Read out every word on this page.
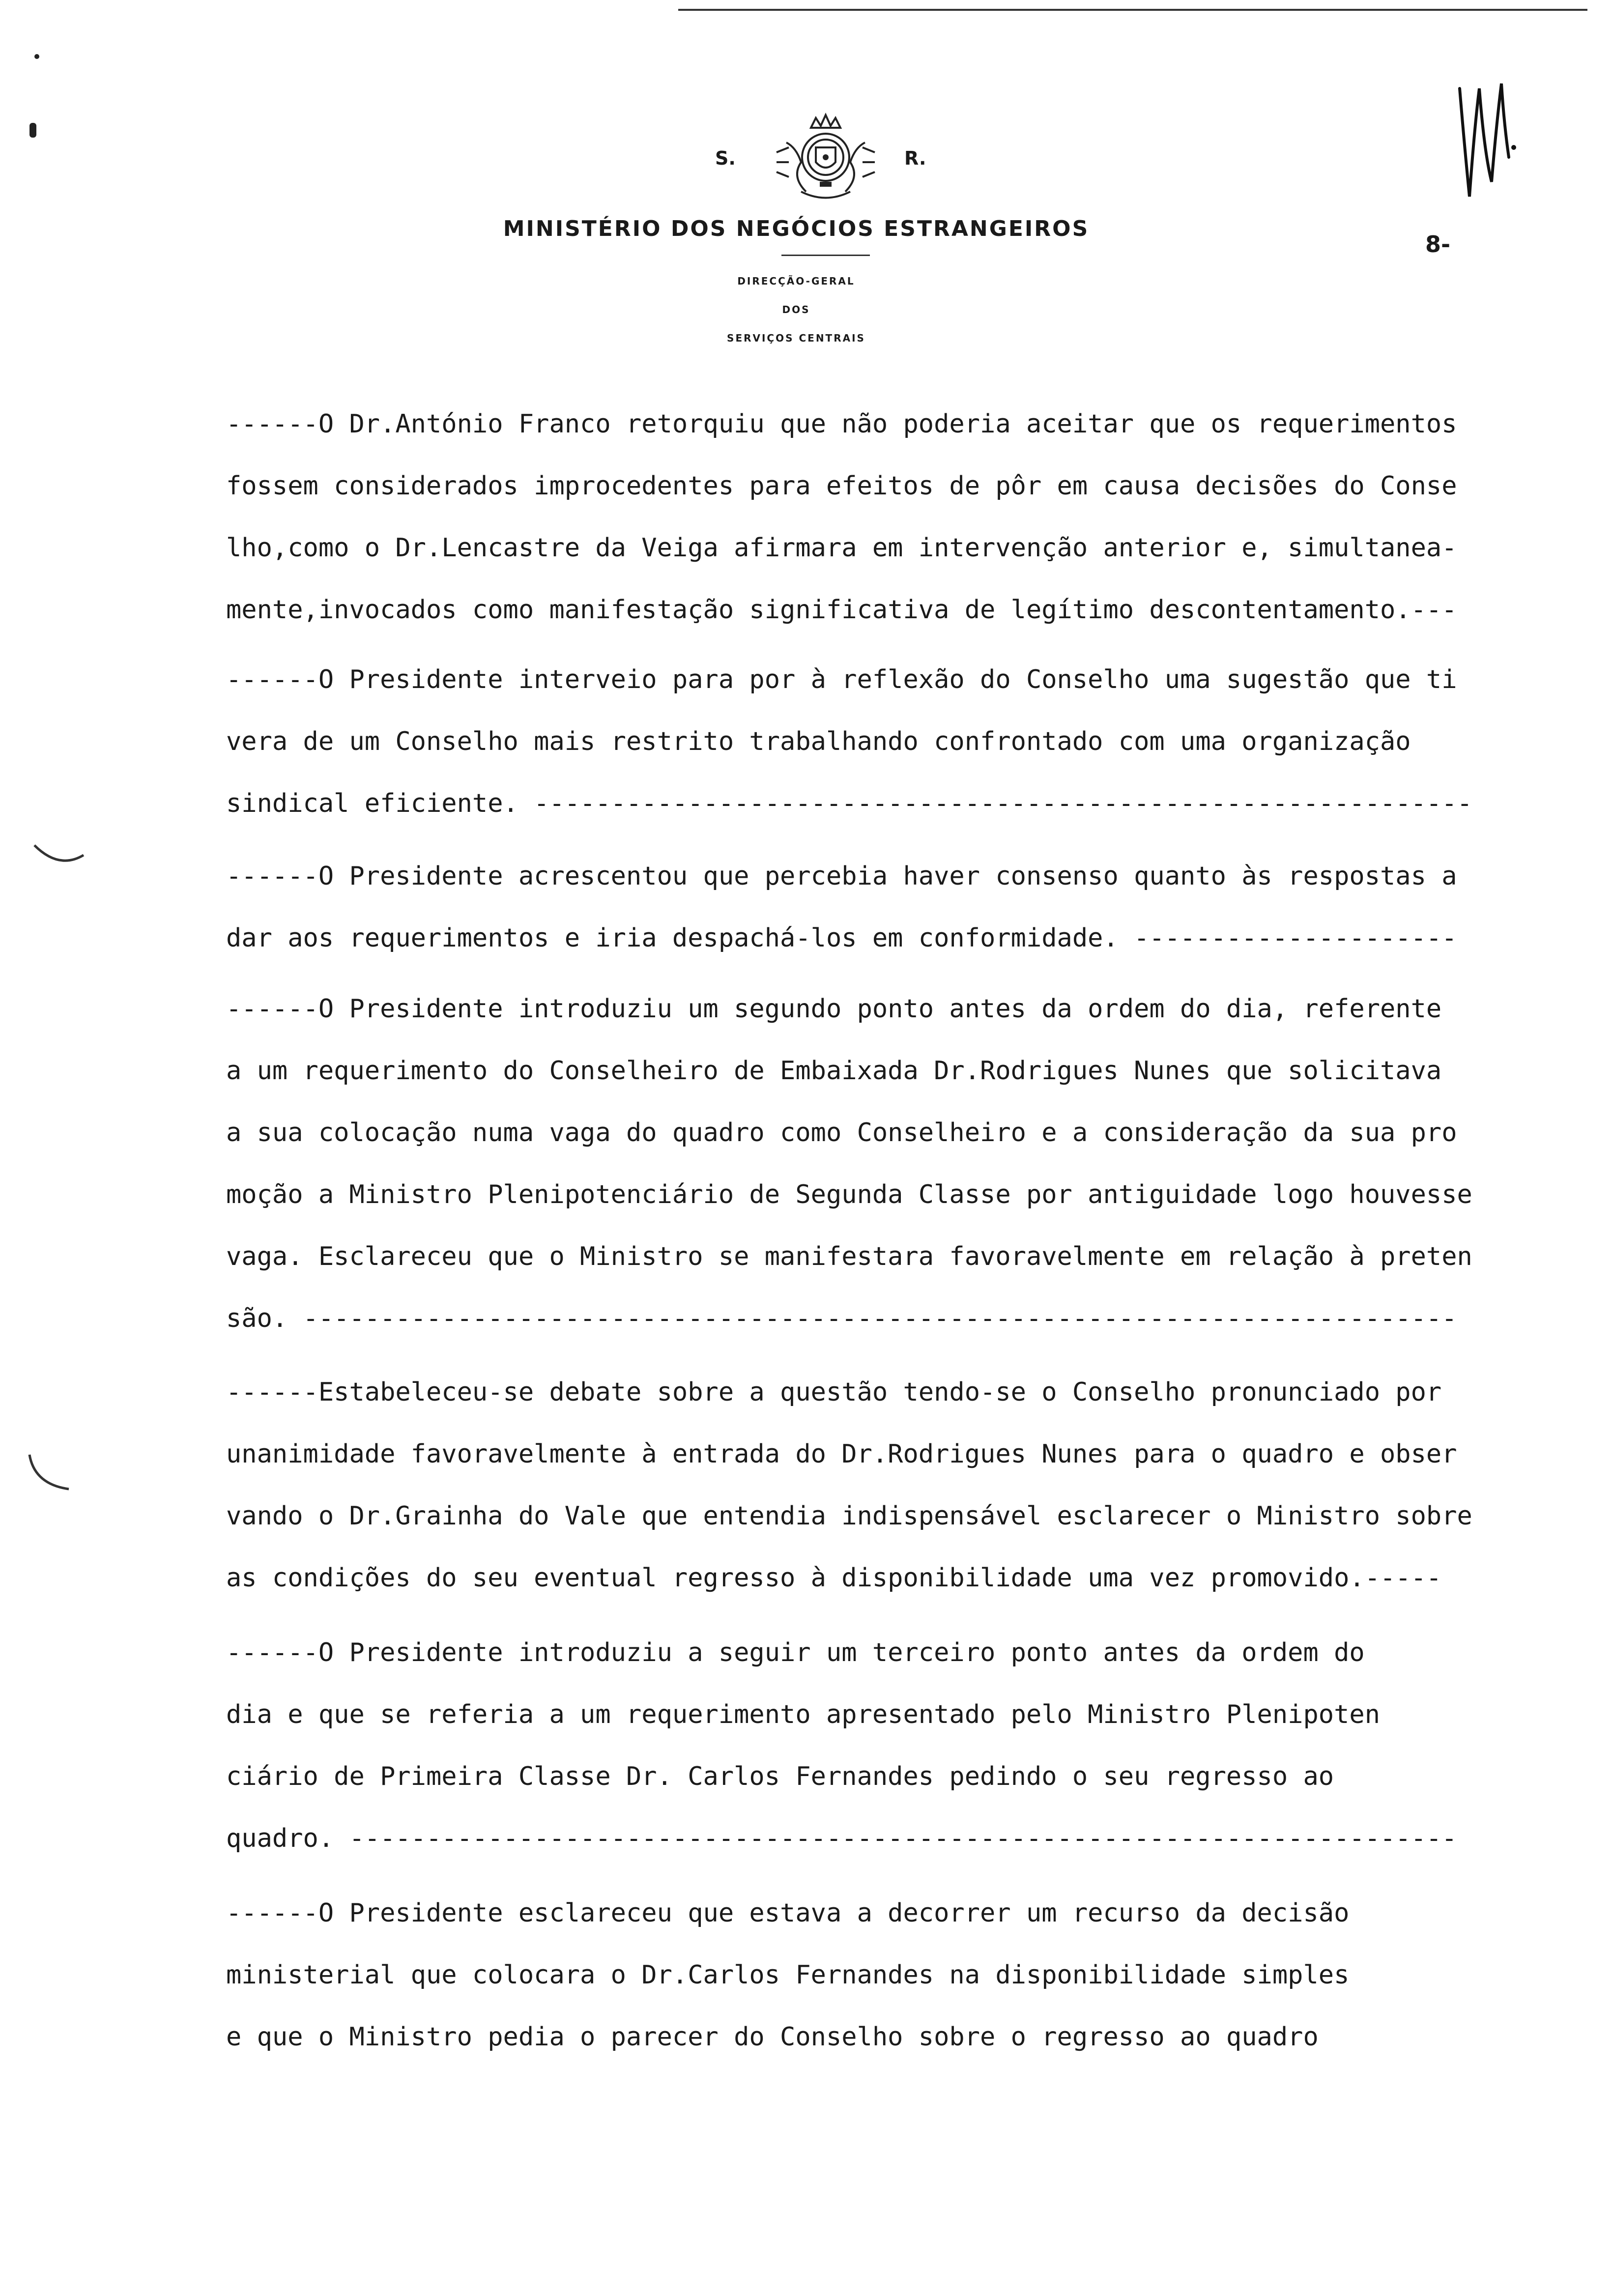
S.	R.
MINISTÉRIO DOS NEGÓCIOS ESTRANGEIROS
DIRECÇÃO-GERAL
DOS
SERVIÇOS CENTRAIS
8-
------O Dr.António Franco retorquiu que não poderia aceitar que os requerimentos
fossem considerados improcedentes para efeitos de pôr em causa decisões do Conse
lho,como o Dr.Lencastre da Veiga afirmara em intervenção anterior e, simultanea-
mente,invocados como manifestação significativa de legítimo descontentamento.---
------O Presidente interveio para por à reflexão do Conselho uma sugestão que ti
vera de um Conselho mais restrito trabalhando confrontado com uma organização
sindical eficiente. -------------------------------------------------------------
------O Presidente acrescentou que percebia haver consenso quanto às respostas a
dar aos requerimentos e iria despachá-los em conformidade. ---------------------
------O Presidente introduziu um segundo ponto antes da ordem do dia, referente
a um requerimento do Conselheiro de Embaixada Dr.Rodrigues Nunes que solicitava
a sua colocação numa vaga do quadro como Conselheiro e a consideração da sua pro
moção a Ministro Plenipotenciário de Segunda Classe por antiguidade logo houvesse
vaga. Esclareceu que o Ministro se manifestara favoravelmente em relação à preten
são. ---------------------------------------------------------------------------
------Estabeleceu-se debate sobre a questão tendo-se o Conselho pronunciado por
unanimidade favoravelmente à entrada do Dr.Rodrigues Nunes para o quadro e obser
vando o Dr.Grainha do Vale que entendia indispensável esclarecer o Ministro sobre
as condições do seu eventual regresso à disponibilidade uma vez promovido.-----
------O Presidente introduziu a seguir um terceiro ponto antes da ordem do
dia e que se referia a um requerimento apresentado pelo Ministro Plenipoten
ciário de Primeira Classe Dr. Carlos Fernandes pedindo o seu regresso ao
quadro. ------------------------------------------------------------------------
------O Presidente esclareceu que estava a decorrer um recurso da decisão
ministerial que colocara o Dr.Carlos Fernandes na disponibilidade simples
e que o Ministro pedia o parecer do Conselho sobre o regresso ao quadro
